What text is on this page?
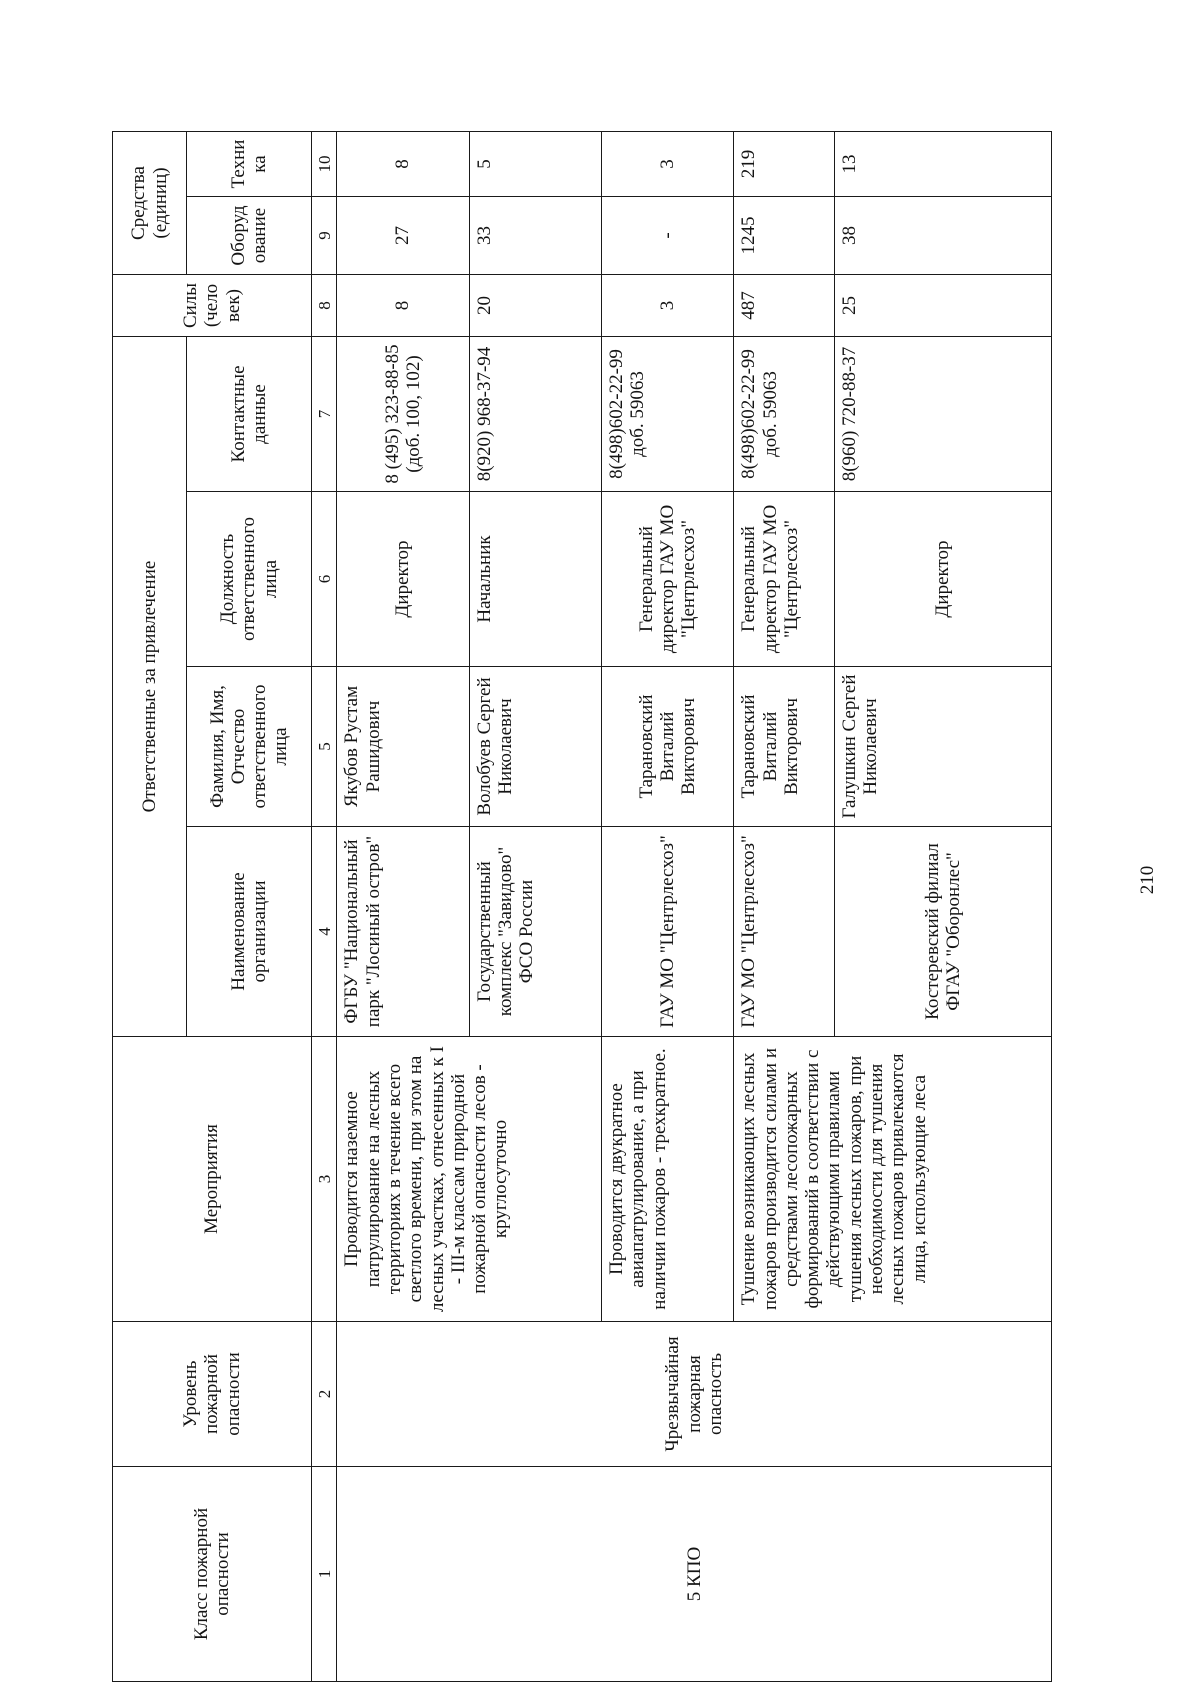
210
Класс пожарной опасности	Уровень пожарной опасности	Мероприятия	Ответственные за привлечение				Силы (человек)	Средства (единиц)	
			Наименование организации	Фамилия, Имя, Отчество ответственного лица	Должность ответственного лица	Контактные данные		Оборудование	Техника
1	2	3	4	5	6	7	8	9	10
5 КПО	Чрезвычайная пожарная опасность	Проводится наземное патрулирование на лесных территориях в течение всего светлого времени, при этом на лесных участках, отнесенных к I - III-м классам природной пожарной опасности лесов - круглосуточно	ФГБУ "Национальный парк "Лосиный остров"	Якубов Рустам Рашидович	Директор	8 (495) 323-88-85 (доб. 100, 102)	8	27	8
			Государственный комплекс "Завидово" ФСО России	Волобуев Сергей Николаевич	Начальник	8(920) 968-37-94	20	33	5
		Проводится двукратное авиапатрулирование, а при наличии пожаров - трехкратное.	ГАУ МО "Центрлесхоз"	Тарановский Виталий Викторович	Генеральный директор ГАУ МО "Центрлесхоз"	8(498)602-22-99 доб. 59063	3	-	3
		Тушение возникающих лесных пожаров производится силами и средствами лесопожарных формирований в соответствии с действующими правилами тушения лесных пожаров, при необходимости для тушения лесных пожаров привлекаются лица, использующие леса	ГАУ МО "Центрлесхоз"	Тарановский Виталий Викторович	Генеральный директор ГАУ МО "Центрлесхоз"	8(498)602-22-99 доб. 59063	487	1245	219
			Костеревский филиал ФГАУ "Оборонлес"	Галушкин Сергей Николаевич	Директор	8(960) 720-88-37	25	38	13
